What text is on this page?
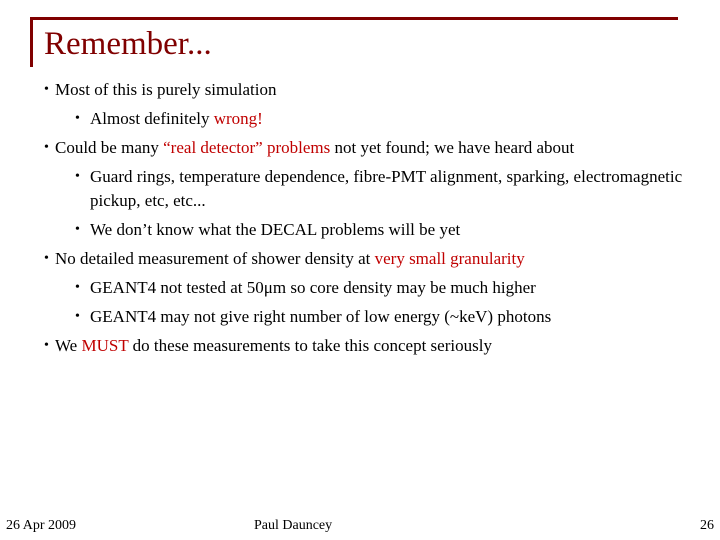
Remember...
• Most of this is purely simulation
• Almost definitely wrong!
• Could be many “real detector” problems not yet found; we have heard about
• Guard rings, temperature dependence, fibre-PMT alignment, sparking, electromagnetic pickup, etc, etc...
• We don’t know what the DECAL problems will be yet
• No detailed measurement of shower density at very small granularity
• GEANT4 not tested at 50μm so core density may be much higher
• GEANT4 may not give right number of low energy (~keV) photons
• We MUST do these measurements to take this concept seriously
26 Apr 2009	Paul Dauncey	26
